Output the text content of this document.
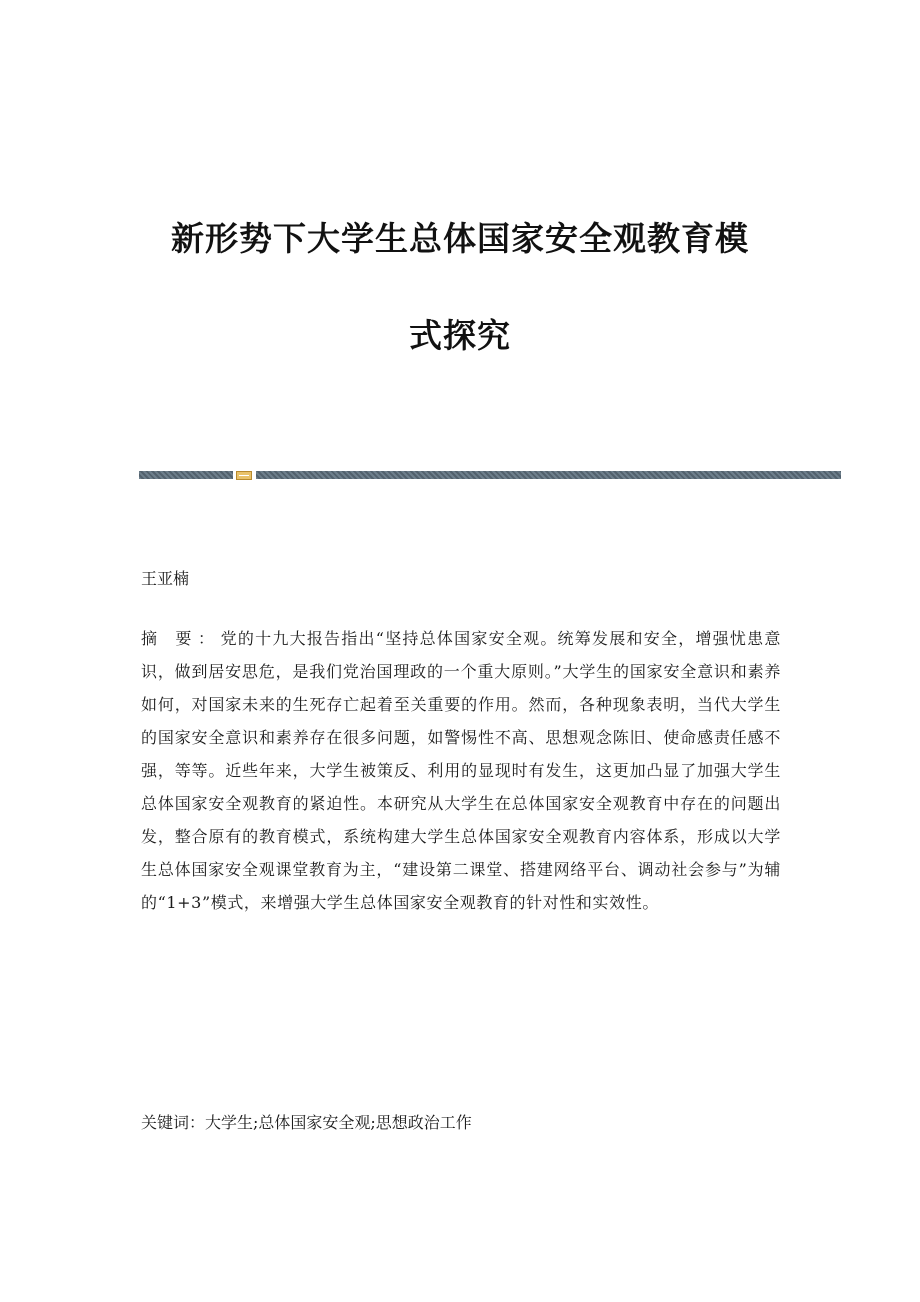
新形势下大学生总体国家安全观教育模
式探究

王亚楠

摘 要：党的十九大报告指出“坚持总体国家安全观。统筹发展和安全，增强忧患意识，做到居安思危，是我们党治国理政的一个重大原则。”大学生的国家安全意识和素养如何，对国家未来的生死存亡起着至关重要的作用。然而，各种现象表明，当代大学生的国家安全意识和素养存在很多问题，如警惕性不高、思想观念陈旧、使命感责任感不强，等等。近些年来，大学生被策反、利用的显现时有发生，这更加凸显了加强大学生总体国家安全观教育的紧迫性。本研究从大学生在总体国家安全观教育中存在的问题出发，整合原有的教育模式，系统构建大学生总体国家安全观教育内容体系，形成以大学生总体国家安全观课堂教育为主，“建设第二课堂、搭建网络平台、调动社会参与”为辅的“1+3”模式，来增强大学生总体国家安全观教育的针对性和实效性。

关键词：大学生;总体国家安全观;思想政治工作
